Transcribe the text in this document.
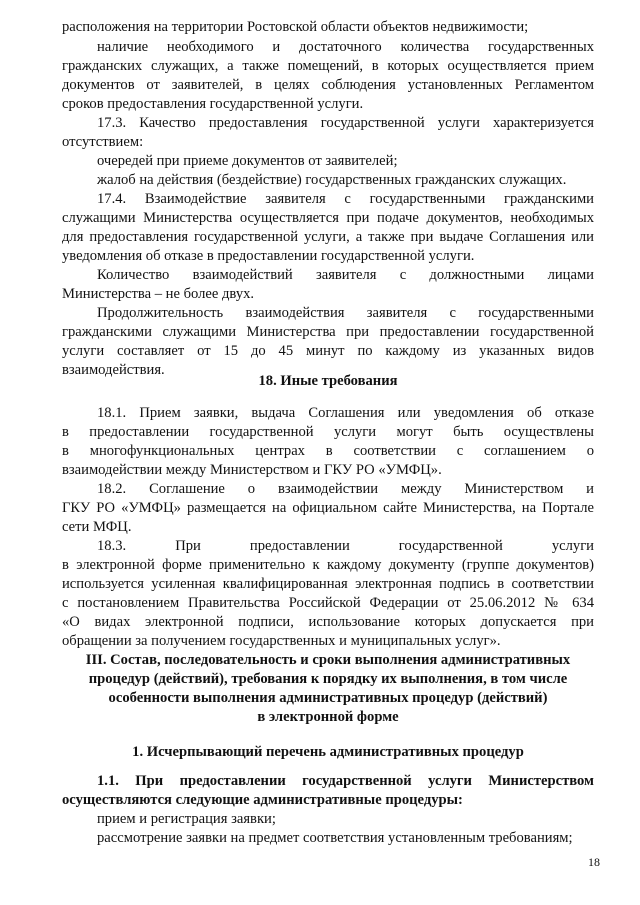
расположения на территории Ростовской области объектов недвижимости;
наличие необходимого и достаточного количества государственных
гражданских служащих, а также помещений, в которых осуществляется прием
документов от заявителей, в целях соблюдения установленных Регламентом
сроков предоставления государственной услуги.
17.3. Качество предоставления государственной услуги характеризуется
отсутствием:
очередей при приеме документов от заявителей;
жалоб на действия (бездействие) государственных гражданских служащих.
17.4. Взаимодействие заявителя с государственными гражданскими
служащими Министерства осуществляется при подаче документов, необходимых
для предоставления государственной услуги, а также при выдаче Соглашения или
уведомления об отказе в предоставлении государственной услуги.
Количество взаимодействий заявителя с должностными лицами
Министерства – не более двух.
Продолжительность взаимодействия заявителя с государственными
гражданскими служащими Министерства при предоставлении государственной
услуги составляет от 15 до 45 минут по каждому из указанных видов
взаимодействия.
18. Иные требования
18.1. Прием заявки, выдача Соглашения или уведомления об отказе
в предоставлении государственной услуги могут быть осуществлены
в многофункциональных центрах в соответствии с соглашением о
взаимодействии между Министерством и ГКУ РО «УМФЦ».
18.2. Соглашение о взаимодействии между Министерством и
ГКУ РО «УМФЦ» размещается на официальном сайте Министерства, на Портале
сети МФЦ.
18.3. При предоставлении государственной услуги
в электронной форме применительно к каждому документу (группе документов)
используется усиленная квалифицированная электронная подпись в соответствии
с постановлением Правительства Российской Федерации от 25.06.2012 № 634
«О видах электронной подписи, использование которых допускается при
обращении за получением государственных и муниципальных услуг».
III. Состав, последовательность и сроки выполнения административных
процедур (действий), требования к порядку их выполнения, в том числе
особенности выполнения административных процедур (действий)
в электронной форме
1. Исчерпывающий перечень административных процедур
1.1. При предоставлении государственной услуги Министерством
осуществляются следующие административные процедуры:
прием и регистрация заявки;
рассмотрение заявки на предмет соответствия установленным требованиям;
18
